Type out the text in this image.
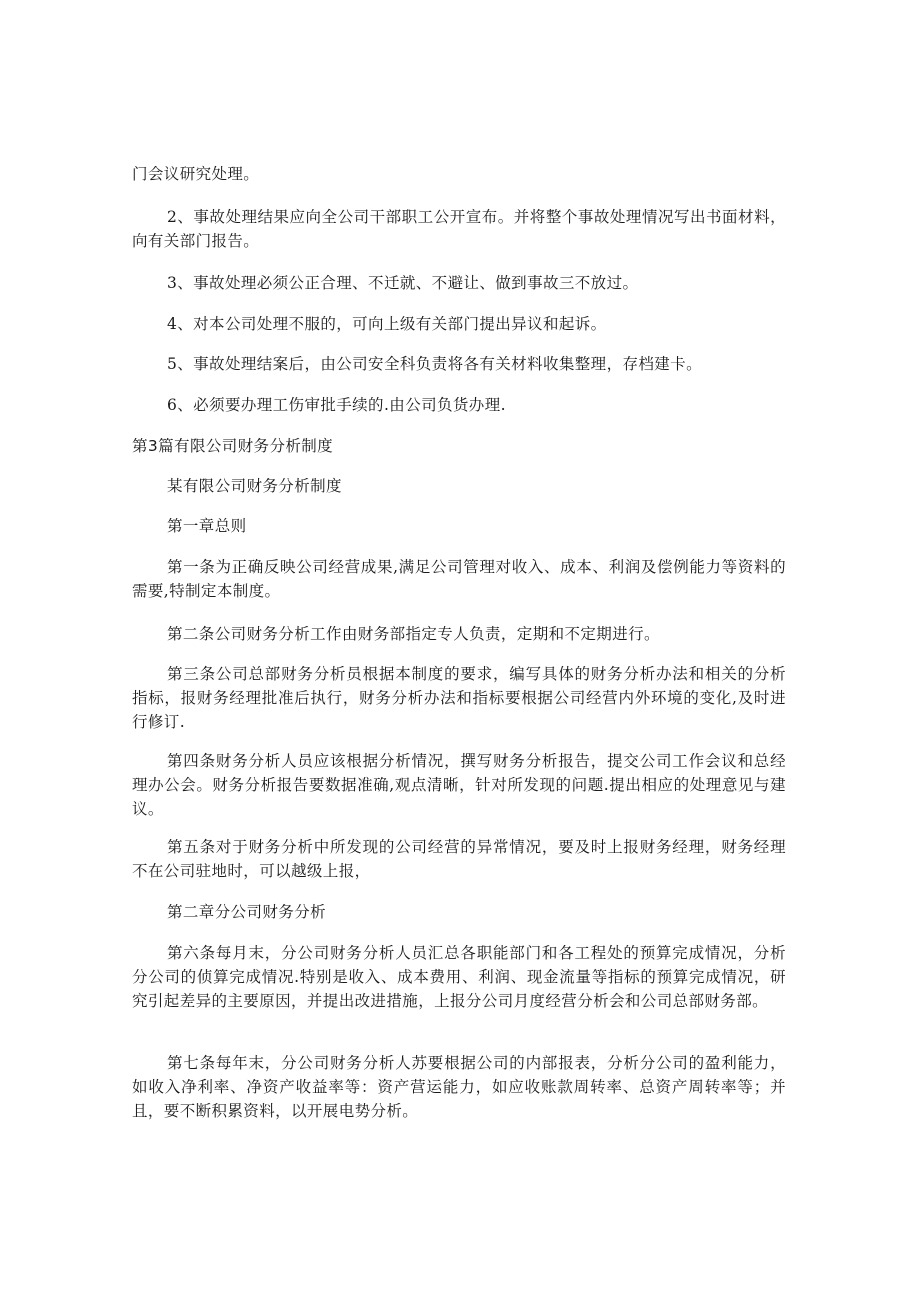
门会议研究处理。

2、事故处理结果应向全公司干部职工公开宣布。并将整个事故处理情况写出书面材料，向有关部门报告。

3、事故处理必须公正合理、不迁就、不避让、做到事故三不放过。

4、对本公司处理不服的，可向上级有关部门提出异议和起诉。

5、事故处理结案后，由公司安全科负责将各有关材料收集整理，存档建卡。

6、必须要办理工伤审批手续的.由公司负货办理.

第3篇有限公司财务分析制度

某有限公司财务分析制度

第一章总则

第一条为正确反映公司经营成果,满足公司管理对收入、成本、利润及偿例能力等资料的需要,特制定本制度。

第二条公司财务分析工作由财务部指定专人负责，定期和不定期进行。

第三条公司总部财务分析员根据本制度的要求，编写具体的财务分析办法和相关的分析指标，报财务经理批准后执行，财务分析办法和指标要根据公司经营内外环境的变化,及时进行修订.

第四条财务分析人员应该根据分析情况，撰写财务分析报告，提交公司工作会议和总经理办公会。财务分析报告要数据准确,观点清晰，针对所发现的问题.提出相应的处理意见与建议。

第五条对于财务分析中所发现的公司经营的异常情况，要及时上报财务经理，财务经理不在公司驻地时，可以越级上报，

第二章分公司财务分析

第六条每月末，分公司财务分析人员汇总各职能部门和各工程处的预算完成情况，分析分公司的侦算完成情况.特别是收入、成本费用、利润、现金流量等指标的预算完成情况，研究引起差异的主要原因，并提出改进措施，上报分公司月度经营分析会和公司总部财务部。

第七条每年末，分公司财务分析人苏要根据公司的内部报表，分析分公司的盈利能力，如收入净利率、净资产收益率等：资产营运能力，如应收账款周转率、总资产周转率等；并且，要不断积累资料，以开展电势分析。
